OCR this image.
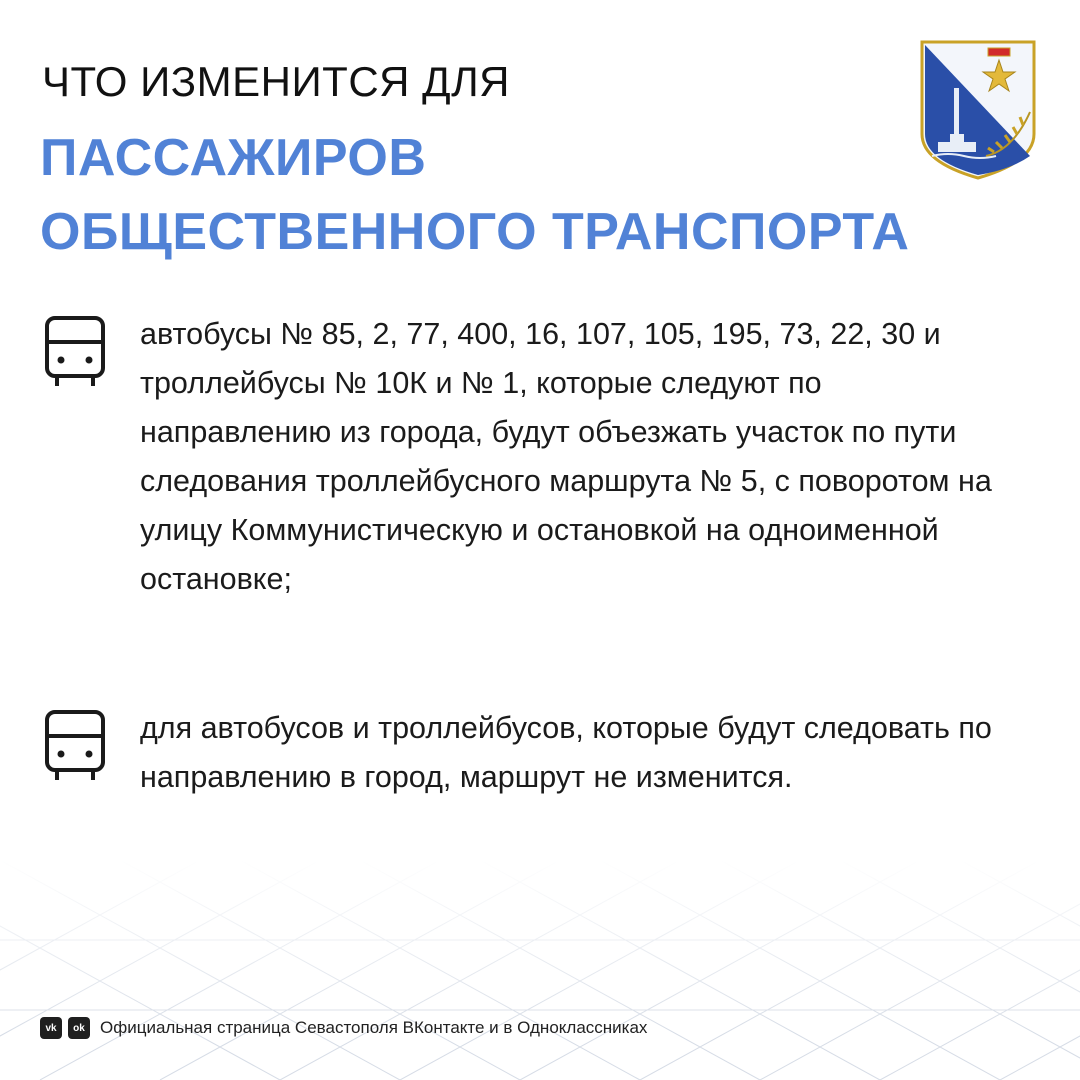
ЧТО ИЗМЕНИТСЯ ДЛЯ
ПАССАЖИРОВ
ОБЩЕСТВЕННОГО ТРАНСПОРТА
автобусы № 85, 2, 77, 400, 16, 107, 105, 195, 73, 22, 30 и троллейбусы № 10К и № 1, которые следуют по направлению из города, будут объезжать участок по пути следования троллейбусного маршрута № 5, с поворотом на улицу Коммунистическую и остановкой на одноименной остановке;
для автобусов и троллейбусов, которые будут следовать по направлению в город, маршрут не изменится.
vk	ok Официальная страница Севастополя ВКонтакте и в Одноклассниках
